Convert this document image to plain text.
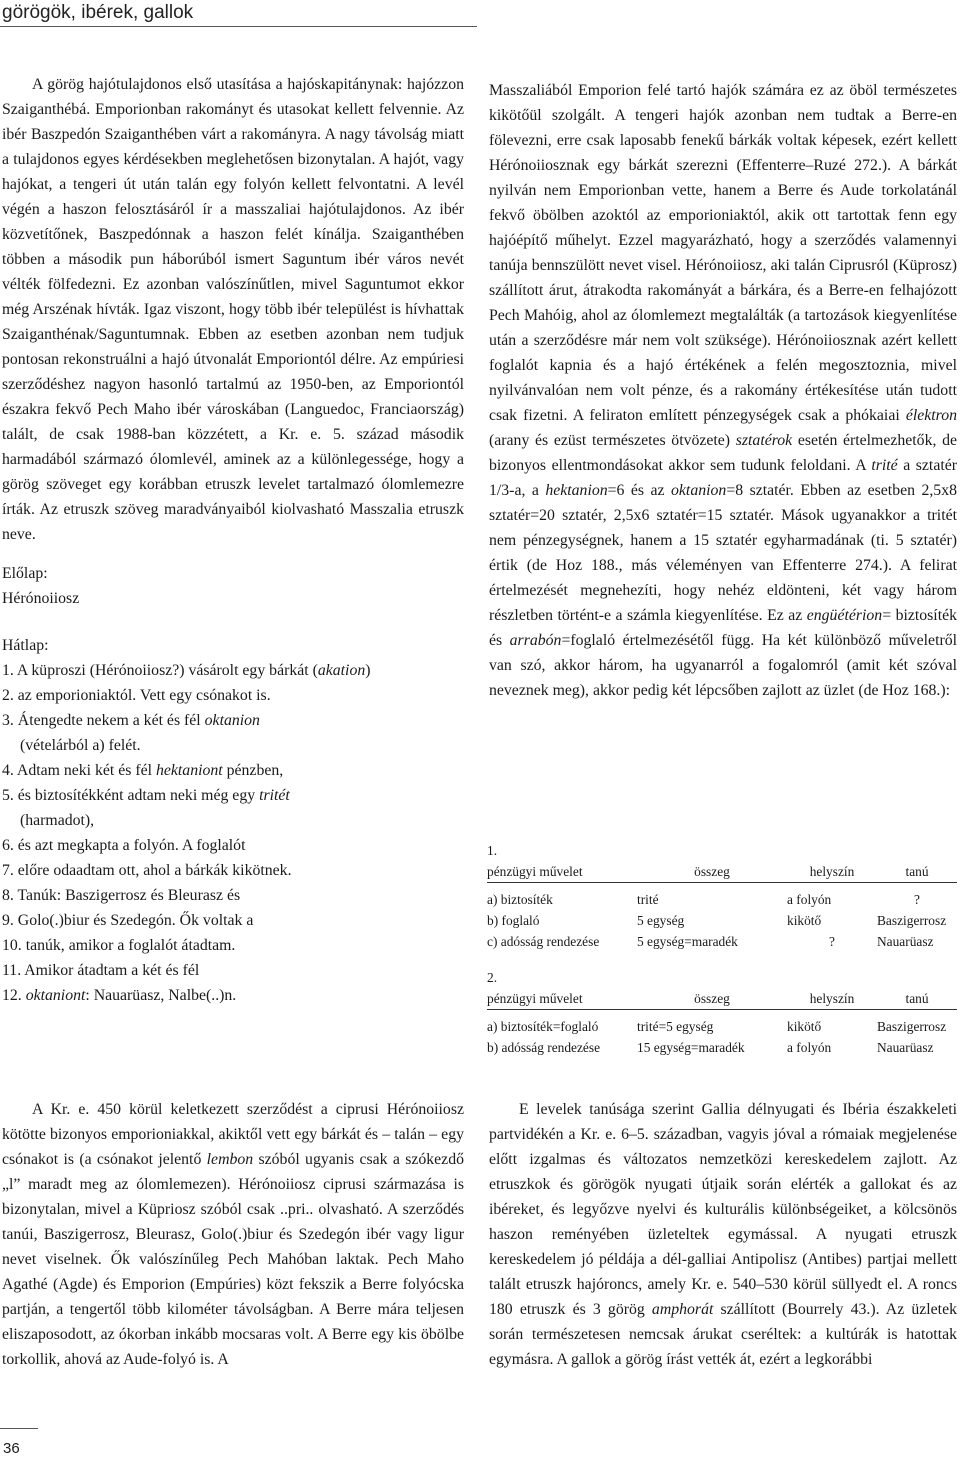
görögök, ibérek, gallok

A görög hajótulajdonos első utasítása a hajóskapitánynak: hajózzon Szaiganthébá. Emporionban rakományt és utasokat kellett felvennie. Az ibér Baszpedón Szaiganthében várt a rakományra. A nagy távolság miatt a tulajdonos egyes kérdésekben meglehetősen bizonytalan. A hajót, vagy hajókat, a tengeri út után talán egy folyón kellett felvontatni. A levél végén a haszon felosztásáról ír a masszaliai hajótulajdonos. Az ibér közvetítőnek, Baszpedónnak a haszon felét kínálja. Szaiganthében többen a második pun háborúból ismert Saguntum ibér város nevét vélték fölfedezni. Ez azonban valószínűtlen, mivel Saguntumot ekkor még Arszénak hívták. Igaz viszont, hogy több ibér települést is hívhattak Szaiganthénak/Saguntumnak. Ebben az esetben azonban nem tudjuk pontosan rekonstruálni a hajó útvonalát Emporiontól délre. Az empúriesi szerződéshez nagyon hasonló tartalmú az 1950-ben, az Emporiontól északra fekvő Pech Maho ibér városkában (Languedoc, Franciaország) talált, de csak 1988-ban közzétett, a Kr. e. 5. század második harmadából származó ólomlevél, aminek az a különlegessége, hogy a görög szöveget egy korábban etruszk levelet tartalmazó ólomlemezre írták. Az etruszk szöveg maradványaiból kiolvasható Masszalia etruszk neve.

Előlap:
Hérónoiiosz
Hátlap:
1. A küproszi (Hérónoiiosz?) vásárolt egy bárkát (akation)
2. az emporioniaktól. Vett egy csónakot is.
3. Átengedte nekem a két és fél oktanion
(vételárból a) felét.
4. Adtam neki két és fél hektaniont pénzben,
5. és biztosítékként adtam neki még egy tritét
(harmadot),
6. és azt megkapta a folyón. A foglalót
7. előre odaadtam ott, ahol a bárkák kikötnek.
8. Tanúk: Baszigerrosz és Bleurasz és
9. Golo(.)biur és Szedegón. Ők voltak a
10. tanúk, amikor a foglalót átadtam.
11. Amikor átadtam a két és fél
12. oktaniont: Nauarüasz, Nalbe(..)n.

Masszaliából Emporion felé tartó hajók számára ez az öböl természetes kikötőül szolgált. A tengeri hajók azonban nem tudtak a Berre-en fölevezni, erre csak laposabb fenekű bárkák voltak képesek, ezért kellett Hérónoiiosznak egy bárkát szerezni (Effenterre–Ruzé 272.). A bárkát nyilván nem Emporionban vette, hanem a Berre és Aude torkolatánál fekvő öbölben azoktól az emporioniaktól, akik ott tartottak fenn egy hajóépítő műhelyt. Ezzel magyarázható, hogy a szerződés valamennyi tanúja bennszülött nevet visel. Hérónoiiosz, aki talán Ciprusról (Küprosz) szállított árut, átrakodta rakományát a bárkára, és a Berre-en felhajózott Pech Mahóig, ahol az ólomlemezt megtalálták (a tartozások kiegyenlítése után a szerződésre már nem volt szüksége). Hérónoiiosznak azért kellett foglalót kapnia és a hajó értékének a felén megosztoznia, mivel nyilvánvalóan nem volt pénze, és a rakomány értékesítése után tudott csak fizetni. A feliraton említett pénzegységek csak a phókaiai élektron (arany és ezüst természetes ötvözete) sztatérok esetén értelmezhetők, de bizonyos ellentmondásokat akkor sem tudunk feloldani. A trité a sztatér 1/3-a, a hektanion=6 és az oktanion=8 sztatér. Ebben az esetben 2,5x8 sztatér=20 sztatér, 2,5x6 sztatér=15 sztatér. Mások ugyanakkor a tritét nem pénzegységnek, hanem a 15 sztatér egyharmadának (ti. 5 sztatér) értik (de Hoz 188., más véleményen van Effenterre 274.). A felirat értelmezését megnehezíti, hogy nehéz eldönteni, két vagy három részletben történt-e a számla kiegyenlítése. Ez az engüétérion= biztosíték és arrabón=foglaló értelmezésétől függ. Ha két különböző műveletről van szó, akkor három, ha ugyanarról a fogalomról (amit két szóval neveznek meg), akkor pedig két lépcsőben zajlott az üzlet (de Hoz 168.):

1.
pénzügyi művelet	összeg	helyszín	tanú

a) biztosíték	trité	a folyón	?
b) foglaló	5 egység	kikötő	Baszigerrosz
c) adósság rendezése	5 egység=maradék	?	Nauarüasz
2.
pénzügyi művelet	összeg	helyszín	tanú

a) biztosíték=foglaló	trité=5 egység	kikötő	Baszigerrosz
b) adósság rendezése	15 egység=maradék	a folyón	Nauarüasz

A Kr. e. 450 körül keletkezett szerződést a ciprusi Hérónoiiosz kötötte bizonyos emporioniakkal, akiktől vett egy bárkát és – talán – egy csónakot is (a csónakot jelentő lembon szóból ugyanis csak a szókezdő „l” maradt meg az ólomlemezen). Hérónoiiosz ciprusi származása is bizonytalan, mivel a Küpriosz szóból csak ..pri.. olvasható. A szerződés tanúi, Baszigerrosz, Bleurasz, Golo(.)biur és Szedegón ibér vagy ligur nevet viselnek. Ők valószínűleg Pech Mahóban laktak. Pech Maho Agathé (Agde) és Emporion (Empúries) közt fekszik a Berre folyócska partján, a tengertől több kilométer távolságban. A Berre mára teljesen eliszaposodott, az ókorban inkább mocsaras volt. A Berre egy kis öbölbe torkollik, ahová az Aude-folyó is. A

E levelek tanúsága szerint Gallia délnyugati és Ibéria északkeleti partvidékén a Kr. e. 6–5. században, vagyis jóval a rómaiak megjelenése előtt izgalmas és változatos nemzetközi kereskedelem zajlott. Az etruszkok és görögök nyugati útjaik során elérték a gallokat és az ibéreket, és legyőzve nyelvi és kulturális különbségeiket, a kölcsönös haszon reményében üzleteltek egymással. A nyugati etruszk kereskedelem jó példája a dél-galliai Antipolisz (Antibes) partjai mellett talált etruszk hajóroncs, amely Kr. e. 540–530 körül süllyedt el. A roncs 180 etruszk és 3 görög amphorát szállított (Bourrely 43.). Az üzletek során természetesen nemcsak árukat cseréltek: a kultúrák is hatottak egymásra. A gallok a görög írást vették át, ezért a legkorábbi

36
